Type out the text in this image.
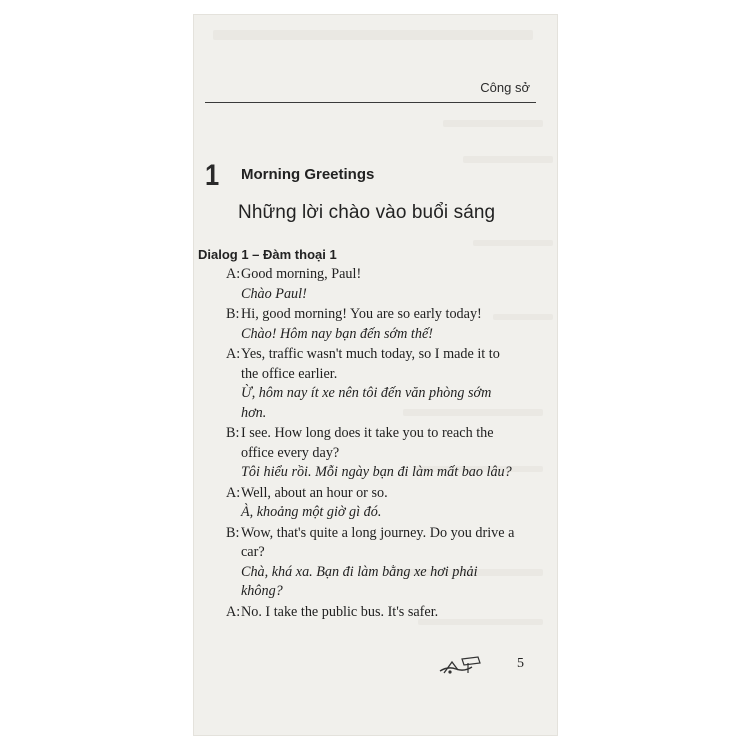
Công sở
1 Morning Greetings
Những lời chào vào buổi sáng
Dialog 1 – Đàm thoại 1
A: Good morning, Paul!
Chào Paul!
B: Hi, good morning! You are so early today!
Chào! Hôm nay bạn đến sớm thế!
A: Yes, traffic wasn't much today, so I made it to the office earlier.
Ừ, hôm nay ít xe nên tôi đến văn phòng sớm hơn.
B: I see. How long does it take you to reach the office every day?
Tôi hiểu rồi. Mỗi ngày bạn đi làm mất bao lâu?
A: Well, about an hour or so.
À, khoảng một giờ gì đó.
B: Wow, that's quite a long journey. Do you drive a car?
Chà, khá xa. Bạn đi làm bằng xe hơi phải không?
A: No. I take the public bus. It's safer.
5
